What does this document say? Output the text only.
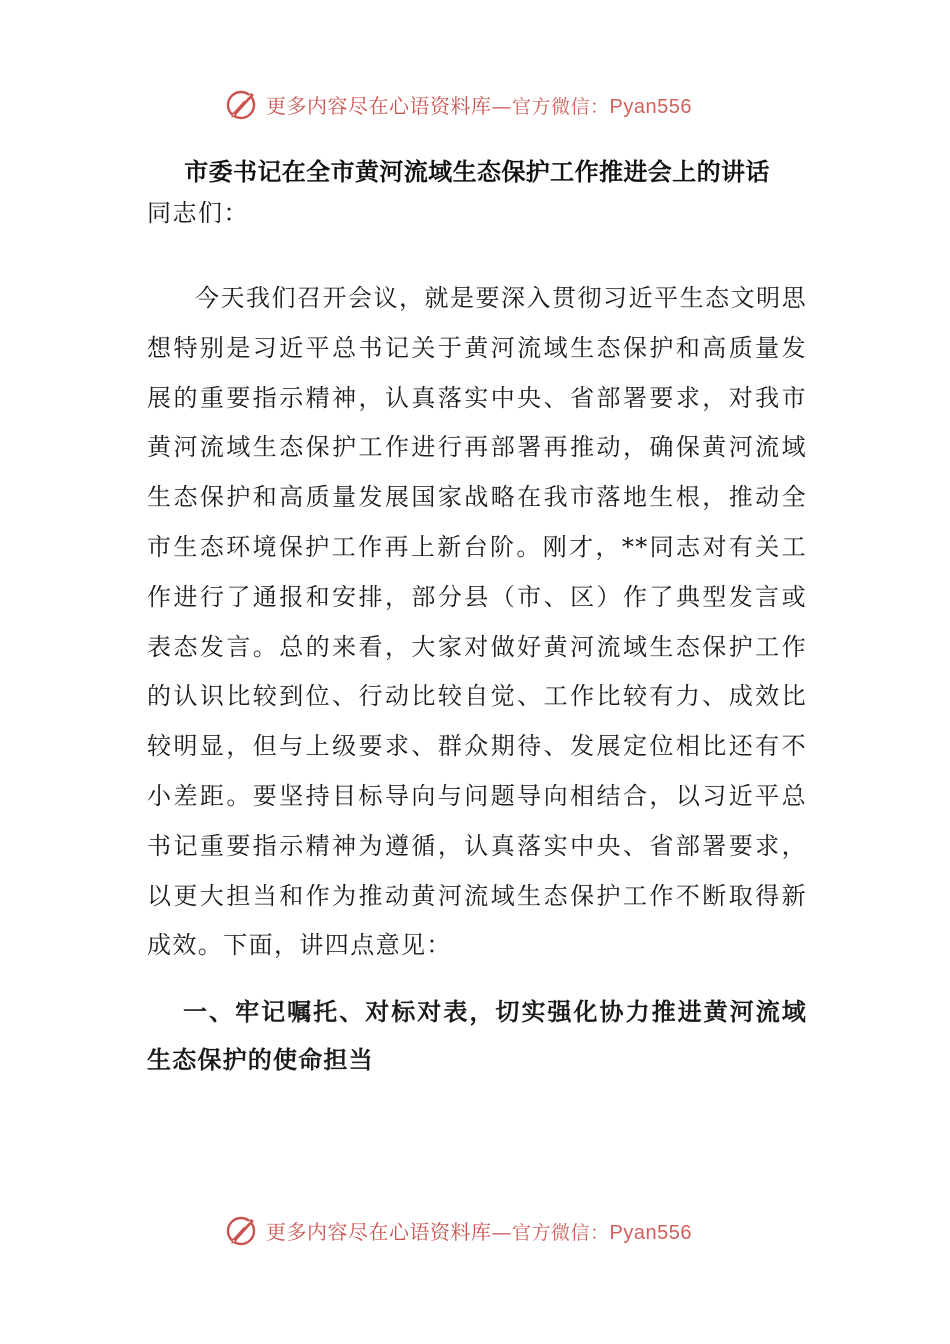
更多内容尽在心语资料库—官方微信：Pyan556
市委书记在全市黄河流域生态保护工作推进会上的讲话

同志们：

今天我们召开会议，就是要深入贯彻习近平生态文明思想特别是习近平总书记关于黄河流域生态保护和高质量发展的重要指示精神，认真落实中央、省部署要求，对我市黄河流域生态保护工作进行再部署再推动，确保黄河流域生态保护和高质量发展国家战略在我市落地生根，推动全市生态环境保护工作再上新台阶。刚才，**同志对有关工作进行了通报和安排，部分县（市、区）作了典型发言或表态发言。总的来看，大家对做好黄河流域生态保护工作的认识比较到位、行动比较自觉、工作比较有力、成效比较明显，但与上级要求、群众期待、发展定位相比还有不小差距。要坚持目标导向与问题导向相结合，以习近平总书记重要指示精神为遵循，认真落实中央、省部署要求，以更大担当和作为推动黄河流域生态保护工作不断取得新成效。下面，讲四点意见：

一、牢记嘱托、对标对表，切实强化协力推进黄河流域生态保护的使命担当
更多内容尽在心语资料库—官方微信：Pyan556
